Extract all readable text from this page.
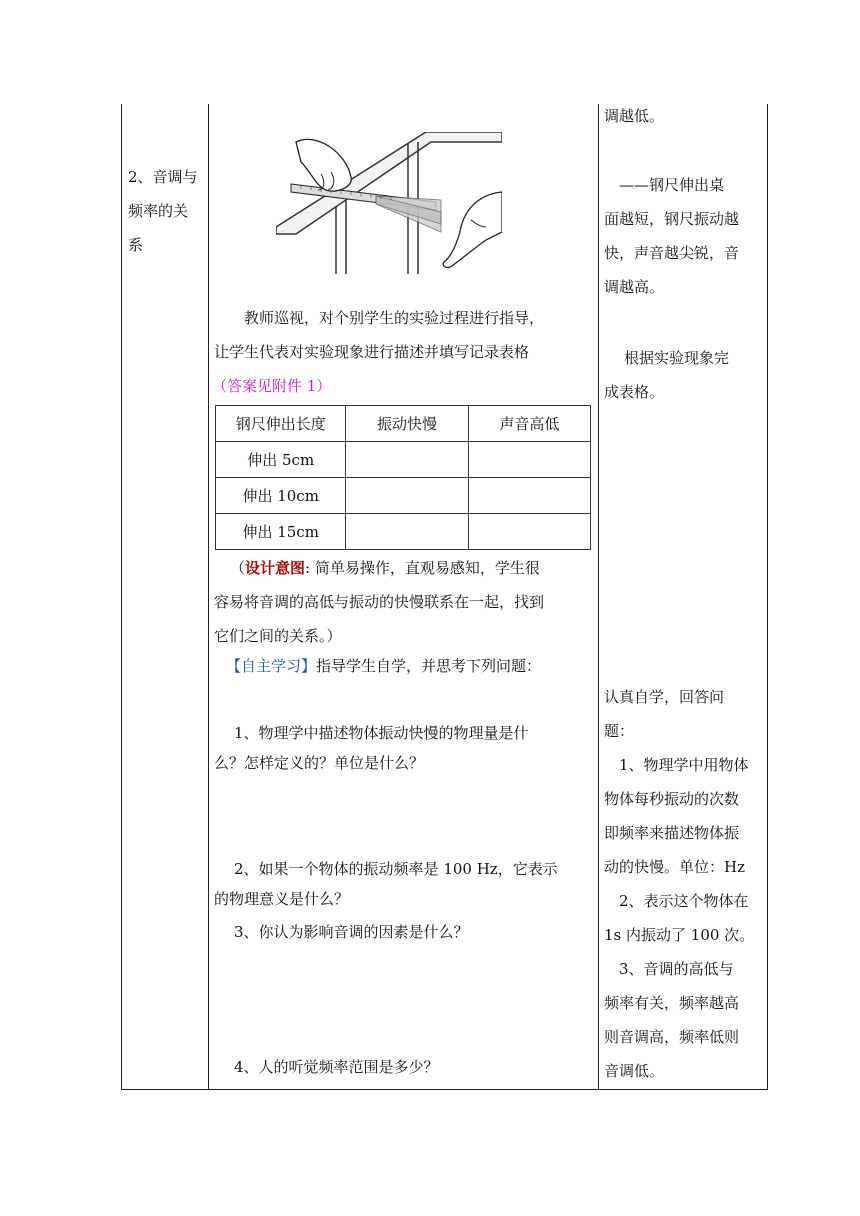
2、音调与
频率的关
系
教师巡视，对个别学生的实验过程进行指导，
让学生代表对实验现象进行描述并填写记录表格
（答案见附件 1）
钢尺伸出长度	振动快慢	声音高低
伸出 5cm		
伸出 10cm		
伸出 15cm		
（设计意图: 简单易操作，直观易感知，学生很
容易将音调的高低与振动的快慢联系在一起，找到
它们之间的关系。）
【自主学习】指导学生自学，并思考下列问题：
1、物理学中描述物体振动快慢的物理量是什
么？怎样定义的？单位是什么？
2、如果一个物体的振动频率是 100 Hz，它表示
的物理意义是什么？
3、你认为影响音调的因素是什么？
4、人的听觉频率范围是多少？
调越低。
——钢尺伸出桌
面越短，钢尺振动越
快，声音越尖锐，音
调越高。
根据实验现象完
成表格。
认真自学，回答问
题：
1、物理学中用物体
物体每秒振动的次数
即频率来描述物体振
动的快慢。单位：Hz
2、表示这个物体在
1s 内振动了 100 次。
3、音调的高低与
频率有关，频率越高
则音调高，频率低则
音调低。
